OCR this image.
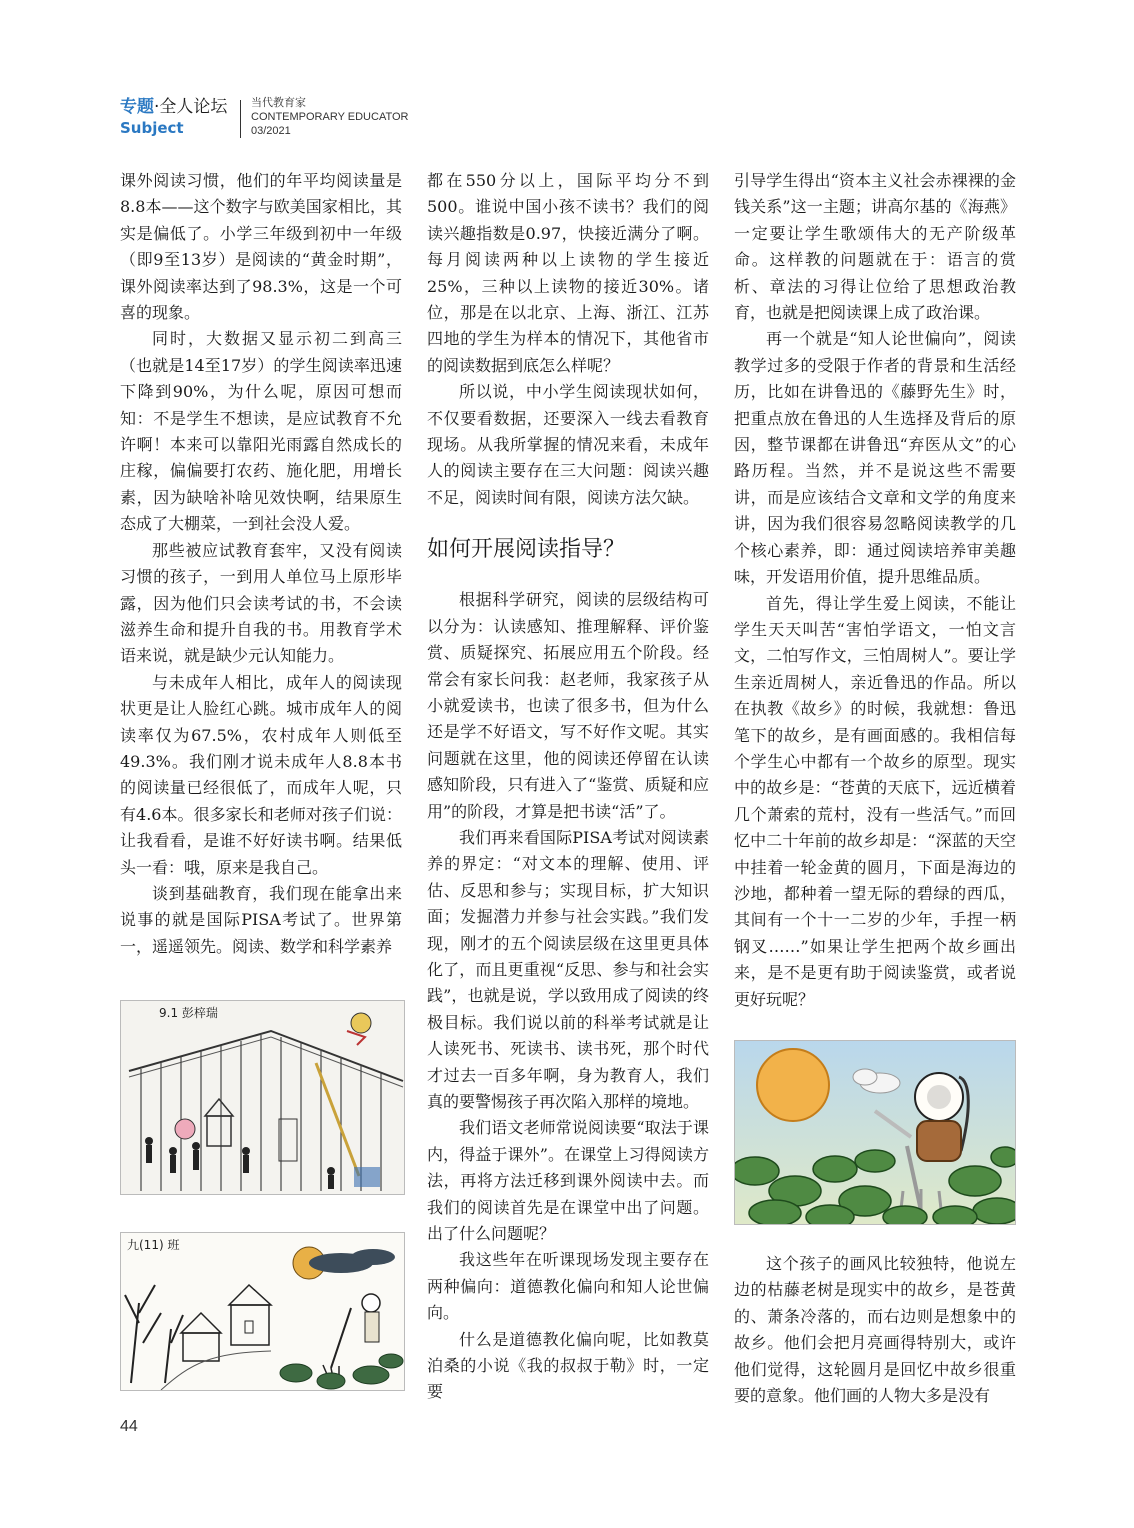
专题·全人论坛
Subject
当代教育家
CONTEMPORARY EDUCATOR
03/2021

课外阅读习惯，他们的年平均阅读量是8.8本——这个数字与欧美国家相比，其实是偏低了。小学三年级到初中一年级（即9至13岁）是阅读的“黄金时期”，课外阅读率达到了98.3%，这是一个可喜的现象。

同时，大数据又显示初二到高三（也就是14至17岁）的学生阅读率迅速下降到90%，为什么呢，原因可想而知：不是学生不想读，是应试教育不允许啊！本来可以靠阳光雨露自然成长的庄稼，偏偏要打农药、施化肥，用增长素，因为缺啥补啥见效快啊，结果原生态成了大棚菜，一到社会没人爱。

那些被应试教育套牢，又没有阅读习惯的孩子，一到用人单位马上原形毕露，因为他们只会读考试的书，不会读滋养生命和提升自我的书。用教育学术语来说，就是缺少元认知能力。

与未成年人相比，成年人的阅读现状更是让人脸红心跳。城市成年人的阅读率仅为67.5%，农村成年人则低至49.3%。我们刚才说未成年人8.8本书的阅读量已经很低了，而成年人呢，只有4.6本。很多家长和老师对孩子们说：让我看看，是谁不好好读书啊。结果低头一看：哦，原来是我自己。

谈到基础教育，我们现在能拿出来说事的就是国际PISA考试了。世界第一，遥遥领先。阅读、数学和科学素养

都在550分以上，国际平均分不到500。谁说中国小孩不读书？我们的阅读兴趣指数是0.97，快接近满分了啊。每月阅读两种以上读物的学生接近25%，三种以上读物的接近30%。诸位，那是在以北京、上海、浙江、江苏四地的学生为样本的情况下，其他省市的阅读数据到底怎么样呢？

所以说，中小学生阅读现状如何，不仅要看数据，还要深入一线去看教育现场。从我所掌握的情况来看，未成年人的阅读主要存在三大问题：阅读兴趣不足，阅读时间有限，阅读方法欠缺。

如何开展阅读指导？

根据科学研究，阅读的层级结构可以分为：认读感知、推理解释、评价鉴赏、质疑探究、拓展应用五个阶段。经常会有家长问我：赵老师，我家孩子从小就爱读书，也读了很多书，但为什么还是学不好语文，写不好作文呢。其实问题就在这里，他的阅读还停留在认读感知阶段，只有进入了“鉴赏、质疑和应用”的阶段，才算是把书读“活”了。

我们再来看国际PISA考试对阅读素养的界定：“对文本的理解、使用、评估、反思和参与；实现目标，扩大知识面；发掘潜力并参与社会实践。”我们发现，刚才的五个阅读层级在这里更具体化了，而且更重视“反思、参与和社会实践”，也就是说，学以致用成了阅读的终极目标。我们说以前的科举考试就是让人读死书、死读书、读书死，那个时代才过去一百多年啊，身为教育人，我们真的要警惕孩子再次陷入那样的境地。

我们语文老师常说阅读要“取法于课内，得益于课外”。在课堂上习得阅读方法，再将方法迁移到课外阅读中去。而我们的阅读首先是在课堂中出了问题。出了什么问题呢？

我这些年在听课现场发现主要存在两种偏向：道德教化偏向和知人论世偏向。

什么是道德教化偏向呢，比如教莫泊桑的小说《我的叔叔于勒》时，一定要

引导学生得出“资本主义社会赤裸裸的金钱关系”这一主题；讲高尔基的《海燕》一定要让学生歌颂伟大的无产阶级革命。这样教的问题就在于：语言的赏析、章法的习得让位给了思想政治教育，也就是把阅读课上成了政治课。

再一个就是“知人论世偏向”，阅读教学过多的受限于作者的背景和生活经历，比如在讲鲁迅的《藤野先生》时，把重点放在鲁迅的人生选择及背后的原因，整节课都在讲鲁迅“弃医从文”的心路历程。当然，并不是说这些不需要讲，而是应该结合文章和文学的角度来讲，因为我们很容易忽略阅读教学的几个核心素养，即：通过阅读培养审美趣味，开发语用价值，提升思维品质。

首先，得让学生爱上阅读，不能让学生天天叫苦“害怕学语文，一怕文言文，二怕写作文，三怕周树人”。要让学生亲近周树人，亲近鲁迅的作品。所以在执教《故乡》的时候，我就想：鲁迅笔下的故乡，是有画面感的。我相信每个学生心中都有一个故乡的原型。现实中的故乡是：“苍黄的天底下，远近横着几个萧索的荒村，没有一些活气。”而回忆中二十年前的故乡却是：“深蓝的天空中挂着一轮金黄的圆月，下面是海边的沙地，都种着一望无际的碧绿的西瓜，其间有一个十一二岁的少年，手捏一柄钢叉……”如果让学生把两个故乡画出来，是不是更有助于阅读鉴赏，或者说更好玩呢？

这个孩子的画风比较独特，他说左边的枯藤老树是现实中的故乡，是苍黄的、萧条冷落的，而右边则是想象中的故乡。他们会把月亮画得特别大，或许他们觉得，这轮圆月是回忆中故乡很重要的意象。他们画的人物大多是没有

9.1 彭梓瑞
九(11) 班
44
